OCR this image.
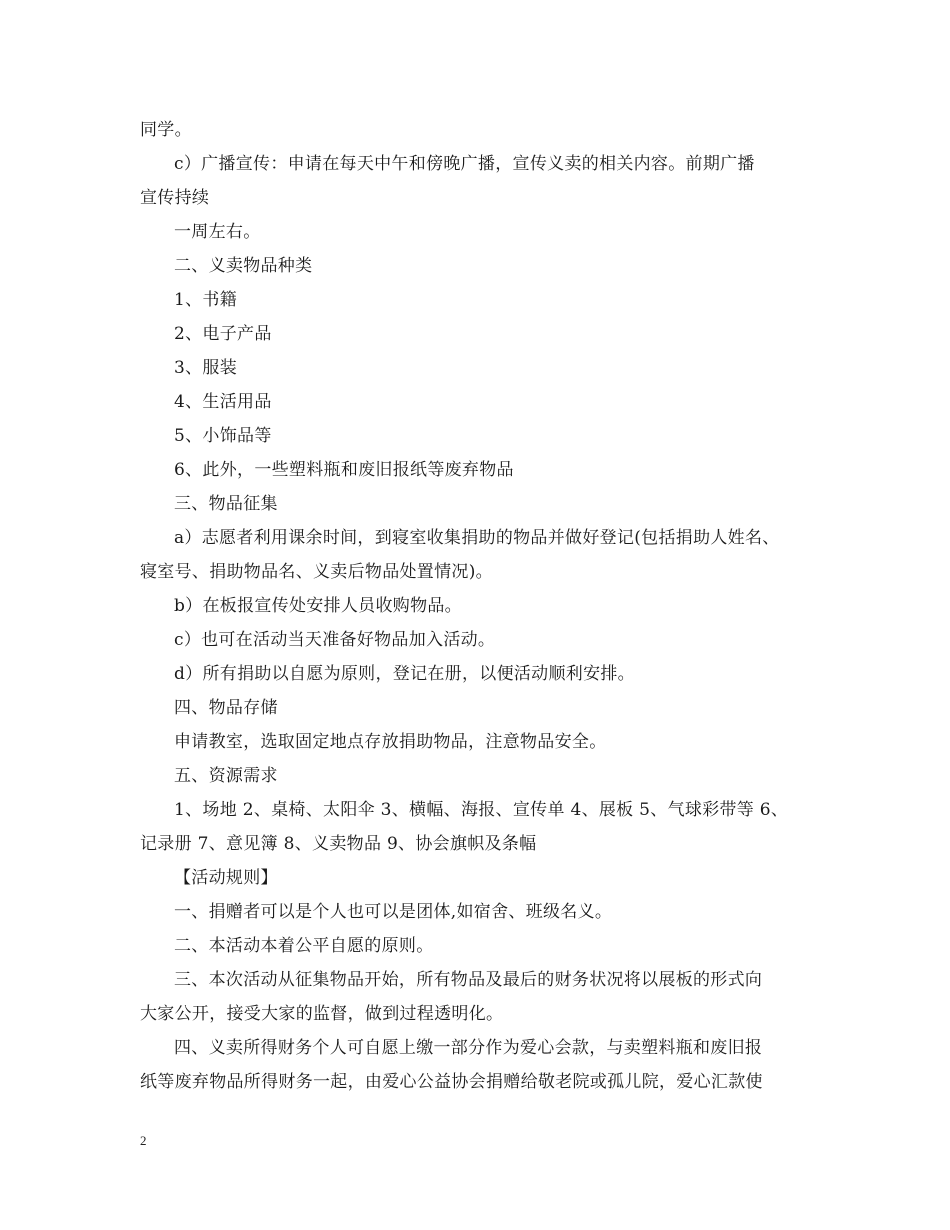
同学。
c）广播宣传：申请在每天中午和傍晚广播，宣传义卖的相关内容。前期广播
宣传持续
一周左右。
二、义卖物品种类
1、书籍
2、电子产品
3、服装
4、生活用品
5、小饰品等
6、此外，一些塑料瓶和废旧报纸等废弃物品
三、物品征集
a）志愿者利用课余时间，到寝室收集捐助的物品并做好登记(包括捐助人姓名、
寝室号、捐助物品名、义卖后物品处置情况)。
b）在板报宣传处安排人员收购物品。
c）也可在活动当天准备好物品加入活动。
d）所有捐助以自愿为原则，登记在册，以便活动顺利安排。
四、物品存储
申请教室，选取固定地点存放捐助物品，注意物品安全。
五、资源需求
1、场地 2、桌椅、太阳伞 3、横幅、海报、宣传单 4、展板 5、气球彩带等 6、
记录册 7、意见簿 8、义卖物品 9、协会旗帜及条幅
【活动规则】
一、捐赠者可以是个人也可以是团体,如宿舍、班级名义。
二、本活动本着公平自愿的原则。
三、本次活动从征集物品开始，所有物品及最后的财务状况将以展板的形式向
大家公开，接受大家的监督，做到过程透明化。
四、义卖所得财务个人可自愿上缴一部分作为爱心会款，与卖塑料瓶和废旧报
纸等废弃物品所得财务一起，由爱心公益协会捐赠给敬老院或孤儿院，爱心汇款使
2
